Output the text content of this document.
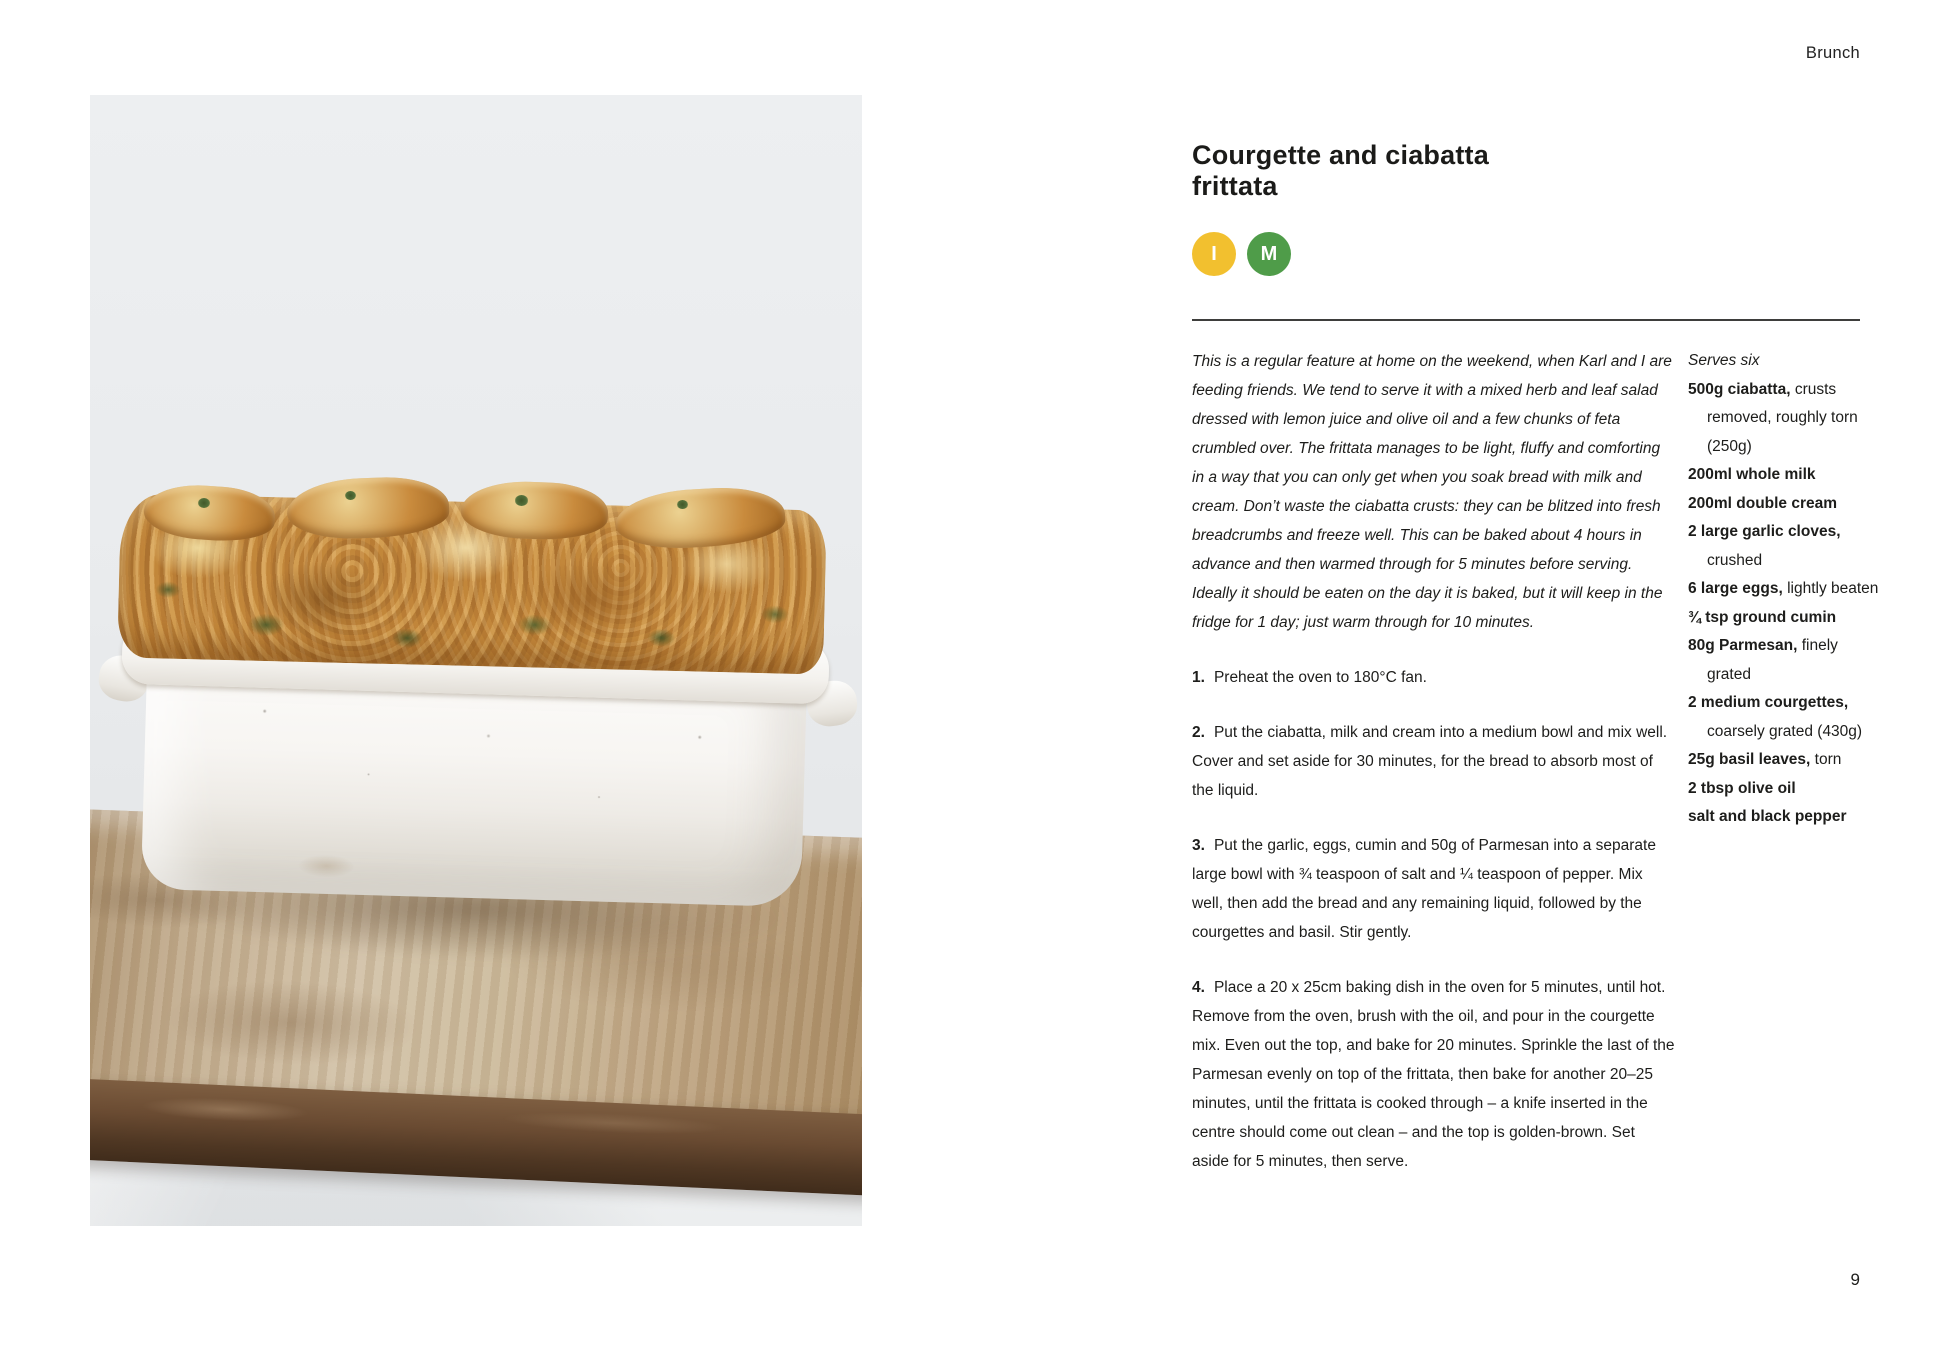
Brunch
Courgette and ciabatta frittata
I	M

This is a regular feature at home on the weekend, when Karl and I are feeding friends. We tend to serve it with a mixed herb and leaf salad dressed with lemon juice and olive oil and a few chunks of feta crumbled over. The frittata manages to be light, fluffy and comforting in a way that you can only get when you soak bread with milk and cream. Don’t waste the ciabatta crusts: they can be blitzed into fresh breadcrumbs and freeze well. This can be baked about 4 hours in advance and then warmed through for 5 minutes before serving. Ideally it should be eaten on the day it is baked, but it will keep in the fridge for 1 day; just warm through for 10 minutes.

1. Preheat the oven to 180°C fan.

2. Put the ciabatta, milk and cream into a medium bowl and mix well. Cover and set aside for 30 minutes, for the bread to absorb most of the liquid.

3. Put the garlic, eggs, cumin and 50g of Parmesan into a separate large bowl with ¾ teaspoon of salt and ¼ teaspoon of pepper. Mix well, then add the bread and any remaining liquid, followed by the courgettes and basil. Stir gently.

4. Place a 20 x 25cm baking dish in the oven for 5 minutes, until hot. Remove from the oven, brush with the oil, and pour in the courgette mix. Even out the top, and bake for 20 minutes. Sprinkle the last of the Parmesan evenly on top of the frittata, then bake for another 20–25 minutes, until the frittata is cooked through – a knife inserted in the centre should come out clean – and the top is golden-brown. Set aside for 5 minutes, then serve.

Serves six

500g ciabatta, crusts removed, roughly torn (250g)

200ml whole milk

200ml double cream

2 large garlic cloves, crushed

6 large eggs, lightly beaten

¾ tsp ground cumin

80g Parmesan, finely grated

2 medium courgettes, coarsely grated (430g)

25g basil leaves, torn

2 tbsp olive oil

salt and black pepper

9
